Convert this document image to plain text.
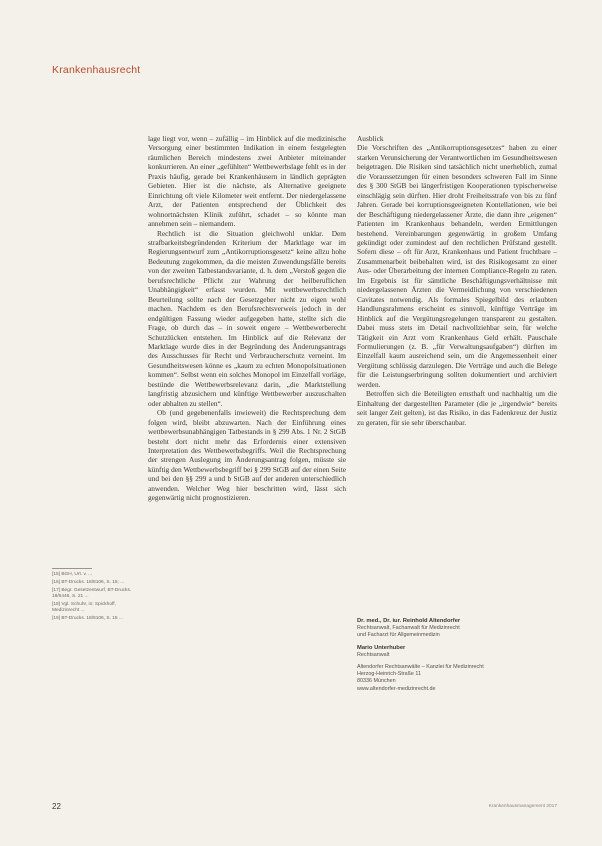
Krankenhausrecht

lage liegt vor, wenn – zufällig – im Hinblick auf die medizinische Versorgung einer bestimmten Indikation in einem festgelegten räumlichen Bereich mindestens zwei Anbieter miteinander konkurrieren. An einer „gefühlten“ Wettbewerbslage fehlt es in der Praxis häufig, gerade bei Krankenhäusern in ländlich geprägten Gebieten. Hier ist die nächste, als Alternative geeignete Einrichtung oft viele Kilometer weit entfernt. Der niedergelassene Arzt, der Patienten entsprechend der Üblichkeit des wohnortnächsten Klinik zuführt, schadet – so könnte man annehmen sein – niemandem.

Rechtlich ist die Situation gleichwohl unklar. Dem strafbarkeitsbegründenden Kriterium der Marktlage war im Regierungsentwurf zum „Antikorruptionsgesetz“ keine allzu hohe Bedeutung zugekommen, da die meisten Zuwendungsfälle bereits von der zweiten Tatbestandsvariante, d. h. dem „Verstoß gegen die berufsrechtliche Pflicht zur Wahrung der heilberuflichen Unabhängigkeit“ erfasst wurden. Mit wettbewerbsrechtlich Beurteilung sollte nach der Gesetzgeber nicht zu eigen wohl machen. Nachdem es den Berufsrechtsverweis jedoch in der endgültigen Fassung wieder aufgegeben hatte, stellte sich die Frage, ob durch das – in soweit engere – Wettbewerberecht Schutzlücken entstehen. Im Hinblick auf die Relevanz der Marktlage wurde dies in der Begründung des Änderungsantrags des Ausschusses für Recht und Verbraucherschutz verneint. Im Gesundheitswesen könne es „kaum zu echten Monopolsituationen kommen“. Selbst wenn ein solches Monopol im Einzelfall vorläge, bestünde die Wettbewerbsrelevanz darin, „die Marktstellung langfristig abzusichern und künftige Wettbewerber auszuschalten oder abhalten zu stellen“.

Ob (und gegebenenfalls inwieweit) die Rechtsprechung dem folgen wird, bleibt abzuwarten. Nach der Einführung eines wettbewerbsunabhängigen Tatbestands in § 299 Abs. 1 Nr. 2 StGB besteht dort nicht mehr das Erfordernis einer extensiven Interpretation des Wettbewerbsbegriffs. Weil die Rechtsprechung der strengen Auslegung im Änderungsantrag folgen, müsste sie künftig den Wettbewerbsbegriff bei § 299 StGB auf der einen Seite und bei den §§ 299 a und b StGB auf der anderen unterschiedlich anwenden. Welcher Weg hier beschritten wird, lässt sich gegenwärtig nicht prognostizieren.

Ausblick

Die Vorschriften des „Antikorruptionsgesetzes“ haben zu einer starken Verunsicherung der Verantwortlichen im Gesundheitswesen beigetragen. Die Risiken sind tatsächlich nicht unerheblich, zumal die Voraussetzungen für einen besonders schweren Fall im Sinne des § 300 StGB bei längerfristigen Kooperationen typischerweise einschlägig sein dürften. Hier droht Freiheitsstrafe von bis zu fünf Jahren. Gerade bei korruptionsgeeigneten Kontellationen, wie bei der Beschäftigung niedergelassener Ärzte, die dann ihre „eigenen“ Patienten im Krankenhaus behandeln, werden Ermittlungen bestehend. Vereinbarungen gegenwärtig in großem Umfang gekündigt oder zumindest auf den rechtlichen Prüfstand gestellt. Sofern diese – oft für Arzt, Krankenhaus und Patient fruchtbare – Zusammenarbeit beibehalten wird, ist des Risikogesamt zu einer Aus- oder Überarbeitung der internen Compliance-Regeln zu raten. Im Ergebnis ist für sämtliche Beschäftigungsverhältnisse mit niedergelassenen Ärzten die Vermeidlichung von verschiedenen Cavitates notwendig. Als formales Spiegelbild des erlaubten Handlungsrahmens erscheint es sinnvoll, künftige Verträge im Hinblick auf die Vergütungsregelungen transparent zu gestalten. Dabei muss stets im Detail nachvollziehbar sein, für welche Tätigkeit ein Arzt vom Krankenhaus Geld erhält. Pauschale Formulierungen (z. B. „für Verwaltungsaufgaben“) dürften im Einzelfall kaum ausreichend sein, um die Angemessenheit einer Vergütung schlüssig darzulegen. Die Verträge und auch die Belege für die Leistungserbringung sollten dokumentiert und archiviert werden.

Betroffen sich die Beteiligten ernsthaft und nachhaltig um die Einhaltung der dargestellten Parameter (die je „irgendwie“ bereits seit langer Zeit gelten), ist das Risiko, in das Fadenkreuz der Justiz zu geraten, für sie sehr überschaubar.

[15] BGH, Urt. v. ...

[16] BT-Drucks. 18/8106, S. 15; ...

[17] Begr. Gesetzentwurf, BT-Drucks. 18/6446, S. 21 ...

[18] Vgl. Schuhr, in: Spickhoff, Medizinrecht ...

[19] BT-Drucks. 18/8106, S. 15 ...	Dr. med., Dr. iur. Reinhold Altendorfer
Rechtsanwalt, Fachanwalt für Medizinrecht
und Facharzt für Allgemeinmedizin
Mario Unterhuber
Rechtsanwalt
Altendorfer Rechtsanwälte – Kanzlei für Medizinrecht
Herzog-Heinrich-Straße 11
80336 München
www.altendorfer-medizinrecht.de
22	Krankenhausmanagement 2017
